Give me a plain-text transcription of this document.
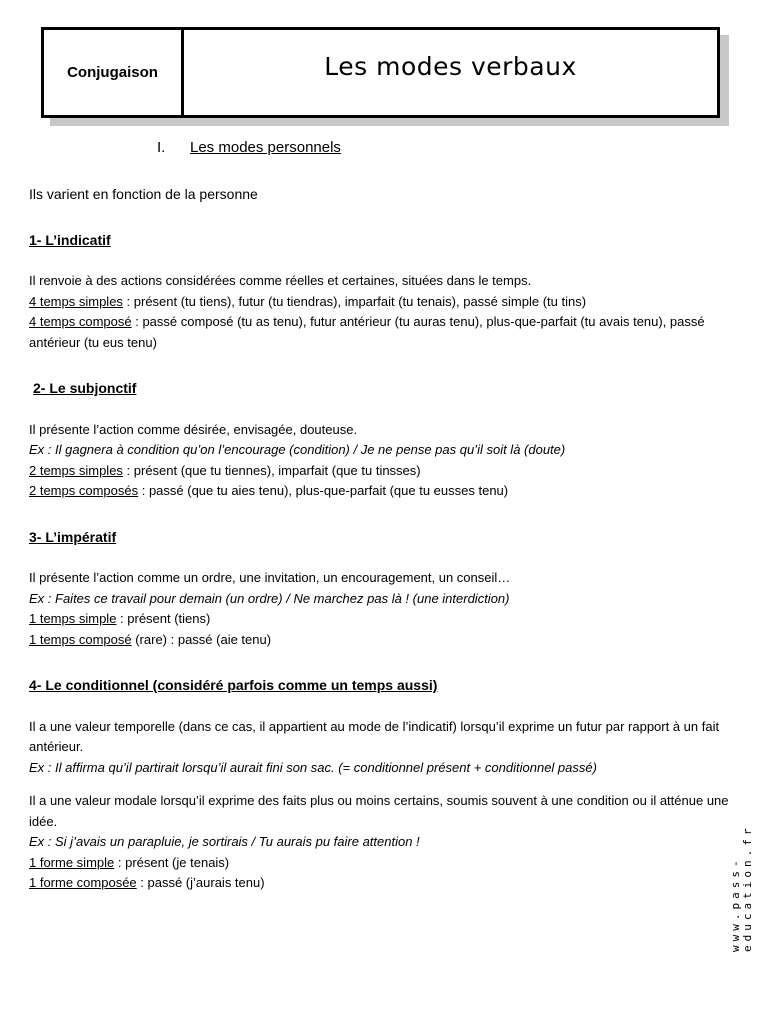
Conjugaison	Les modes verbaux
I.	Les modes personnels

Ils varient en fonction de la personne

1- L’indicatif

Il renvoie à des actions considérées comme réelles et certaines, situées dans le temps.

4 temps simples : présent (tu tiens), futur (tu tiendras), imparfait (tu tenais), passé simple (tu tins)

4 temps composé : passé composé (tu as tenu), futur antérieur (tu auras tenu), plus-que-parfait (tu avais tenu), passé antérieur (tu eus tenu)

2- Le subjonctif

Il présente l’action comme désirée, envisagée, douteuse.

Ex : Il gagnera à condition qu’on l’encourage (condition) / Je ne pense pas qu’il soit là (doute)

2 temps simples : présent (que tu tiennes), imparfait (que tu tinsses)

2 temps composés : passé (que tu aies tenu), plus-que-parfait (que tu eusses tenu)

3- L’impératif

Il présente l’action comme un ordre, une invitation, un encouragement, un conseil…

Ex : Faites ce travail pour demain (un ordre) / Ne marchez pas là ! (une interdiction)

1 temps simple : présent (tiens)

1 temps composé (rare) : passé (aie tenu)

4- Le conditionnel (considéré parfois comme un temps aussi)

Il a une valeur temporelle (dans ce cas, il appartient au mode de l’indicatif) lorsqu’il exprime un futur par rapport à un fait antérieur.

Ex : Il affirma qu’il partirait lorsqu’il aurait fini son sac. (= conditionnel présent + conditionnel passé)

Il a une valeur modale lorsqu’il exprime des faits plus ou moins certains, soumis souvent à une condition ou il atténue une idée.

Ex : Si j’avais un parapluie, je sortirais / Tu aurais pu faire attention !

1 forme simple : présent (je tenais)

1 forme composée : passé (j’aurais tenu)	www.pass-education.fr
